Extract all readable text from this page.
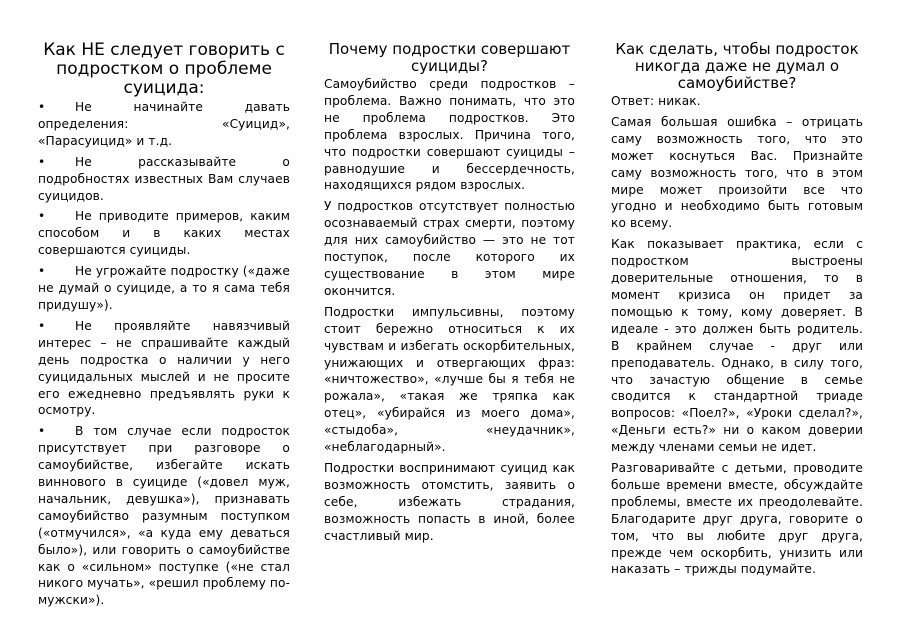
Как НЕ следует говорить с подростком о проблеме суицида:
• Не начинайте давать определения: «Суицид», «Парасуицид» и т.д.
• Не рассказывайте о подробностях известных Вам случаев суицидов.
• Не приводите примеров, каким способом и в каких местах совершаются суициды.
• Не угрожайте подростку («даже не думай о суициде, а то я сама тебя придушу»).
• Не проявляйте навязчивый интерес – не спрашивайте каждый день подростка о наличии у него суицидальных мыслей и не просите его ежедневно предъявлять руки к осмотру.
• В том случае если подросток присутствует при разговоре о самоубийстве, избегайте искать виннового в суициде («довел муж, начальник, девушка»), признавать самоубийство разумным поступком («отмучился», «а куда ему деваться было»), или говорить о самоубийстве как о «сильном» поступке («не стал никого мучать», «решил проблему по-мужски»).
Почему подростки совершают суициды?

Самоубийство среди подростков – проблема. Важно понимать, что это не проблема подростков. Это проблема взрослых. Причина того, что подростки совершают суициды – равнодушие и бессердечность, находящихся рядом взрослых.

У подростков отсутствует полностью осознаваемый страх смерти, поэтому для них самоубийство — это не тот поступок, после которого их существование в этом мире окончится.

Подростки импульсивны, поэтому стоит бережно относиться к их чувствам и избегать оскорбительных, унижающих и отвергающих фраз: «ничтожество», «лучше бы я тебя не рожала», «такая же тряпка как отец», «убирайся из моего дома», «стыдоба», «неудачник», «неблагодарный».

Подростки воспринимают суицид как возможность отомстить, заявить о себе, избежать страдания, возможность попасть в иной, более счастливый мир.

Как сделать, чтобы подросток никогда даже не думал о самоубийстве?

Ответ: никак.

Самая большая ошибка – отрицать саму возможность того, что это может коснуться Вас. Признайте саму возможность того, что в этом мире может произойти все что угодно и необходимо быть готовым ко всему.

Как показывает практика, если с подростком выстроены доверительные отношения, то в момент кризиса он придет за помощью к тому, кому доверяет. В идеале - это должен быть родитель. В крайнем случае - друг или преподаватель. Однако, в силу того, что зачастую общение в семье сводится к стандартной триаде вопросов: «Поел?», «Уроки сделал?», «Деньги есть?» ни о каком доверии между членами семьи не идет.

Разговаривайте с детьми, проводите больше времени вместе, обсуждайте проблемы, вместе их преодолевайте. Благодарите друг друга, говорите о том, что вы любите друг друга, прежде чем оскорбить, унизить или наказать – трижды подумайте.
